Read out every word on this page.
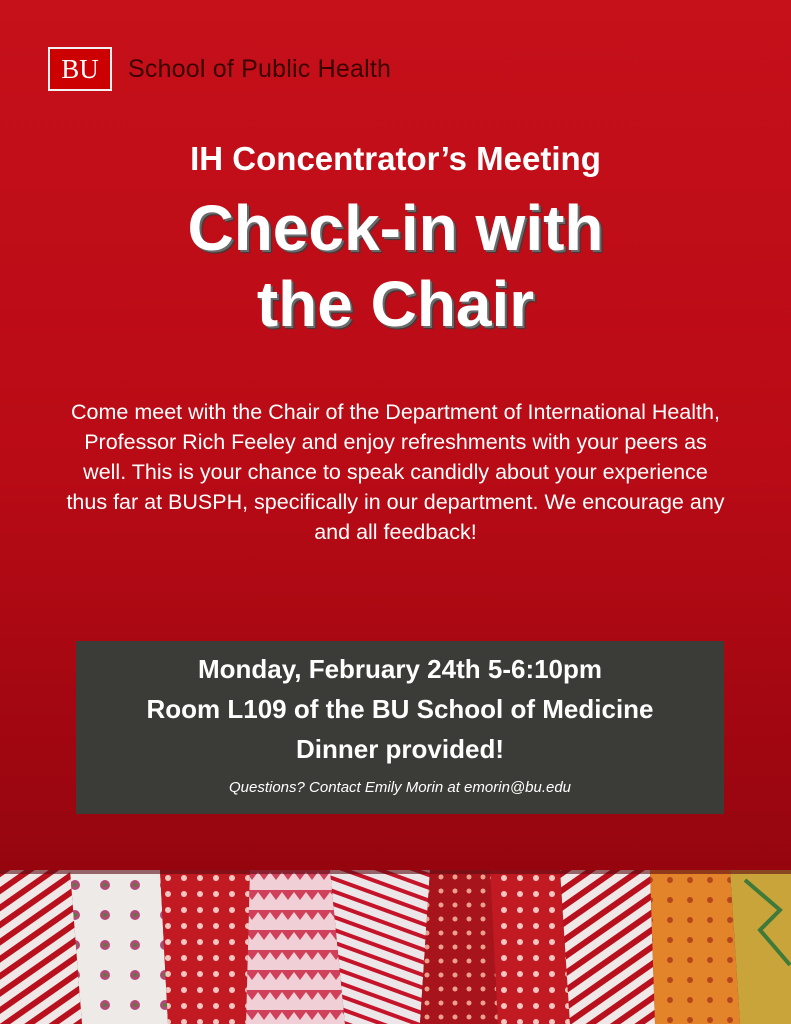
BU	School of Public Health
IH Concentrator’s Meeting
Check-in with
the Chair
Come meet with the Chair of the Department of International Health, Professor Rich Feeley and enjoy refreshments with your peers as well. This is your chance to speak candidly about your experience thus far at BUSPH, specifically in our department. We encourage any and all feedback!
Monday, February 24th 5-6:10pm
Room L109 of the BU School of Medicine
Dinner provided!
Questions? Contact Emily Morin at emorin@bu.edu
